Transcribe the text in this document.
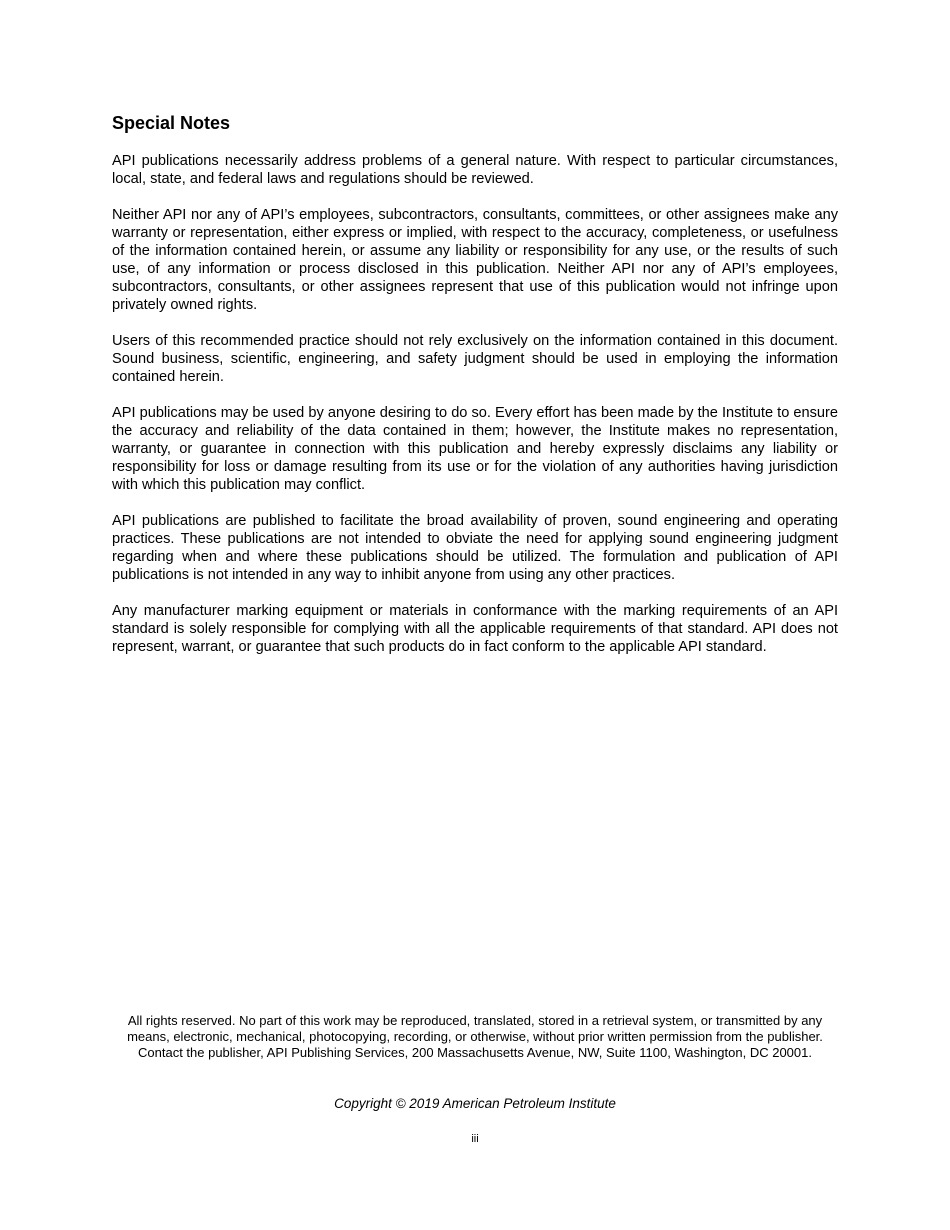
Special Notes

API publications necessarily address problems of a general nature. With respect to particular circumstances, local, state, and federal laws and regulations should be reviewed.

Neither API nor any of API’s employees, subcontractors, consultants, committees, or other assignees make any warranty or representation, either express or implied, with respect to the accuracy, completeness, or usefulness of the information contained herein, or assume any liability or responsibility for any use, or the results of such use, of any information or process disclosed in this publication. Neither API nor any of API’s employees, subcontractors, consultants, or other assignees represent that use of this publication would not infringe upon privately owned rights.

Users of this recommended practice should not rely exclusively on the information contained in this document. Sound business, scientific, engineering, and safety judgment should be used in employing the information contained herein.

API publications may be used by anyone desiring to do so. Every effort has been made by the Institute to ensure the accuracy and reliability of the data contained in them; however, the Institute makes no representation, warranty, or guarantee in connection with this publication and hereby expressly disclaims any liability or responsibility for loss or damage resulting from its use or for the violation of any authorities having jurisdiction with which this publication may conflict.

API publications are published to facilitate the broad availability of proven, sound engineering and operating practices. These publications are not intended to obviate the need for applying sound engineering judgment regarding when and where these publications should be utilized. The formulation and publication of API publications is not intended in any way to inhibit anyone from using any other practices.

Any manufacturer marking equipment or materials in conformance with the marking requirements of an API standard is solely responsible for complying with all the applicable requirements of that standard. API does not represent, warrant, or guarantee that such products do in fact conform to the applicable API standard.

All rights reserved. No part of this work may be reproduced, translated, stored in a retrieval system, or transmitted by any means, electronic, mechanical, photocopying, recording, or otherwise, without prior written permission from the publisher. Contact the publisher, API Publishing Services, 200 Massachusetts Avenue, NW, Suite 1100, Washington, DC 20001.

Copyright © 2019 American Petroleum Institute

iii
